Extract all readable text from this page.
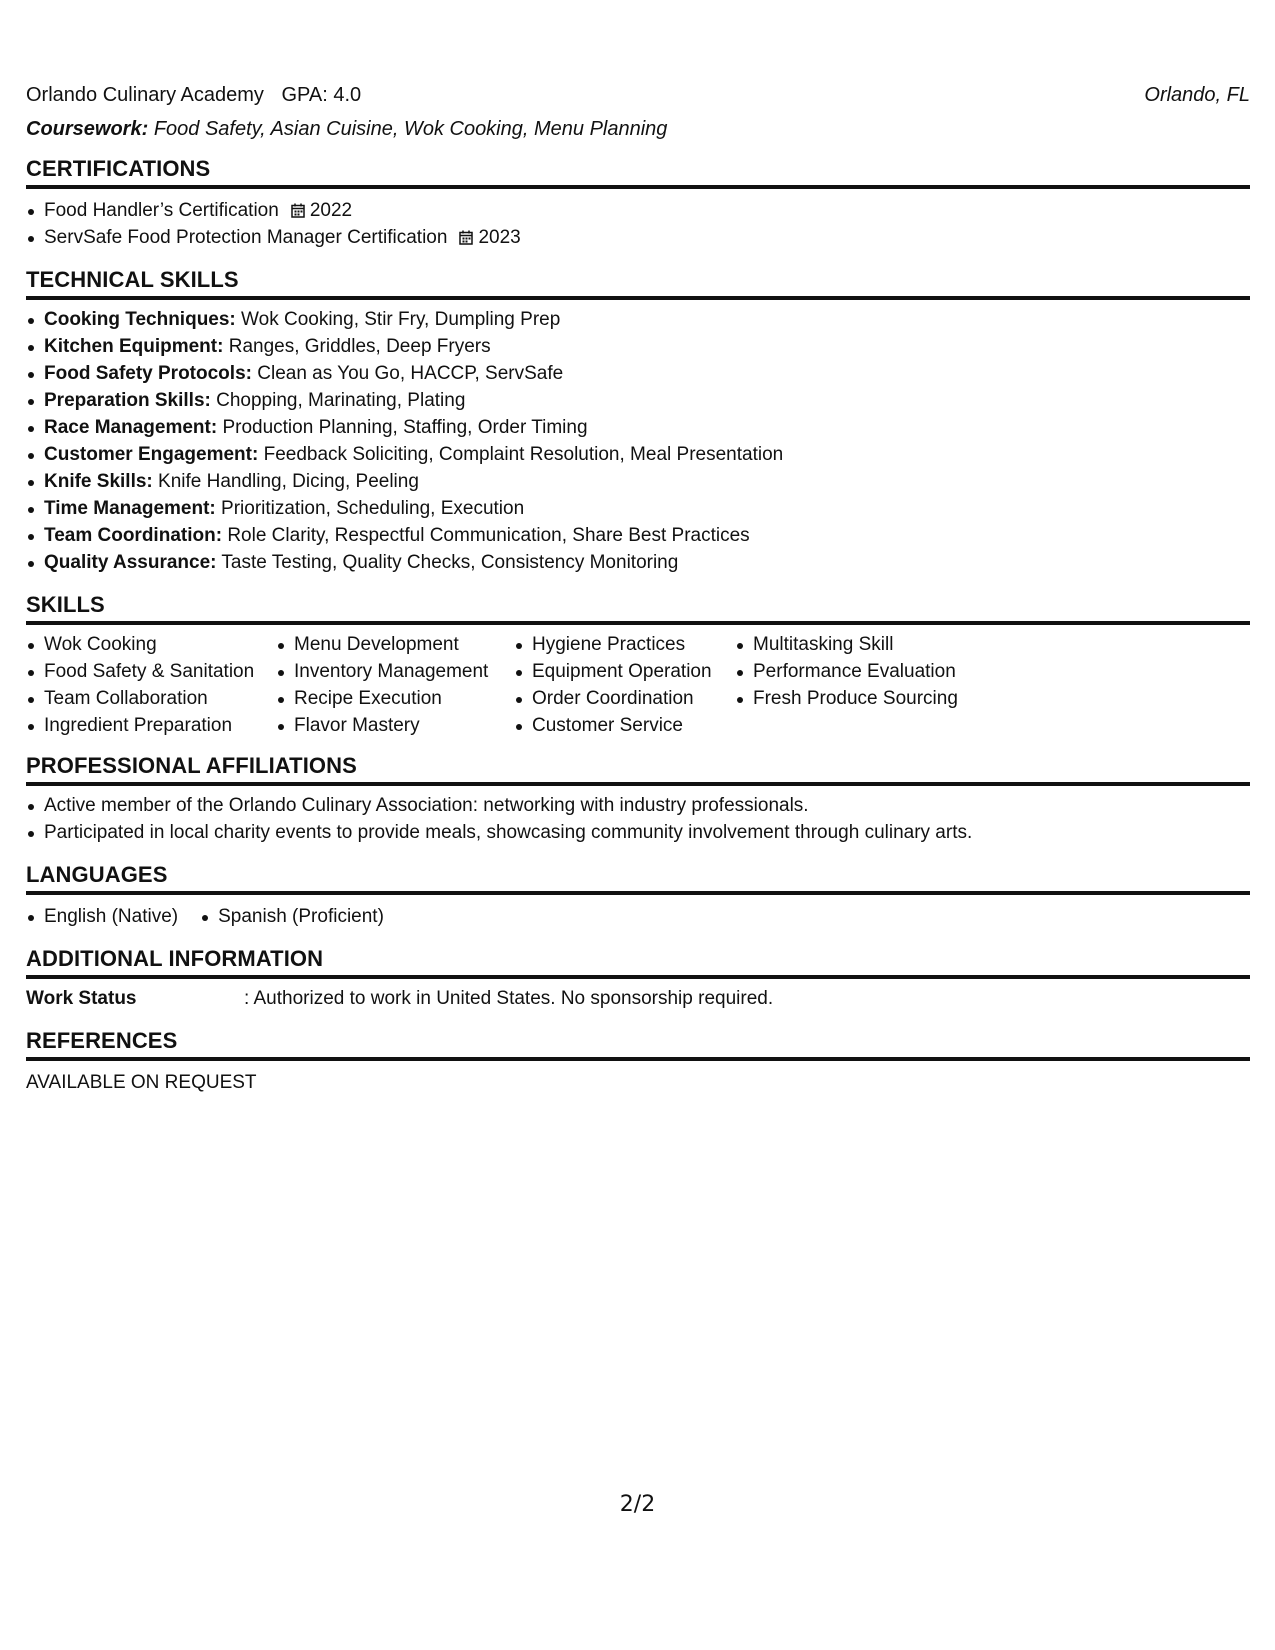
Orlando Culinary Academy GPA: 4.0	Orlando, FL
Coursework: Food Safety, Asian Cuisine, Wok Cooking, Menu Planning
CERTIFICATIONS
Food Handler’s Certification 2022
ServSafe Food Protection Manager Certification 2023
TECHNICAL SKILLS
Cooking Techniques: Wok Cooking, Stir Fry, Dumpling Prep
Kitchen Equipment: Ranges, Griddles, Deep Fryers
Food Safety Protocols: Clean as You Go, HACCP, ServSafe
Preparation Skills: Chopping, Marinating, Plating
Race Management: Production Planning, Staffing, Order Timing
Customer Engagement: Feedback Soliciting, Complaint Resolution, Meal Presentation
Knife Skills: Knife Handling, Dicing, Peeling
Time Management: Prioritization, Scheduling, Execution
Team Coordination: Role Clarity, Respectful Communication, Share Best Practices
Quality Assurance: Taste Testing, Quality Checks, Consistency Monitoring
SKILLS
Wok Cooking
Food Safety & Sanitation
Team Collaboration
Ingredient Preparation
Menu Development
Inventory Management
Recipe Execution
Flavor Mastery
Hygiene Practices
Equipment Operation
Order Coordination
Customer Service
Multitasking Skill
Performance Evaluation
Fresh Produce Sourcing
PROFESSIONAL AFFILIATIONS
Active member of the Orlando Culinary Association: networking with industry professionals.
Participated in local charity events to provide meals, showcasing community involvement through culinary arts.
LANGUAGES
English (Native)	Spanish (Proficient)
ADDITIONAL INFORMATION
Work Status	: Authorized to work in United States. No sponsorship required.
REFERENCES
AVAILABLE ON REQUEST
2/2
